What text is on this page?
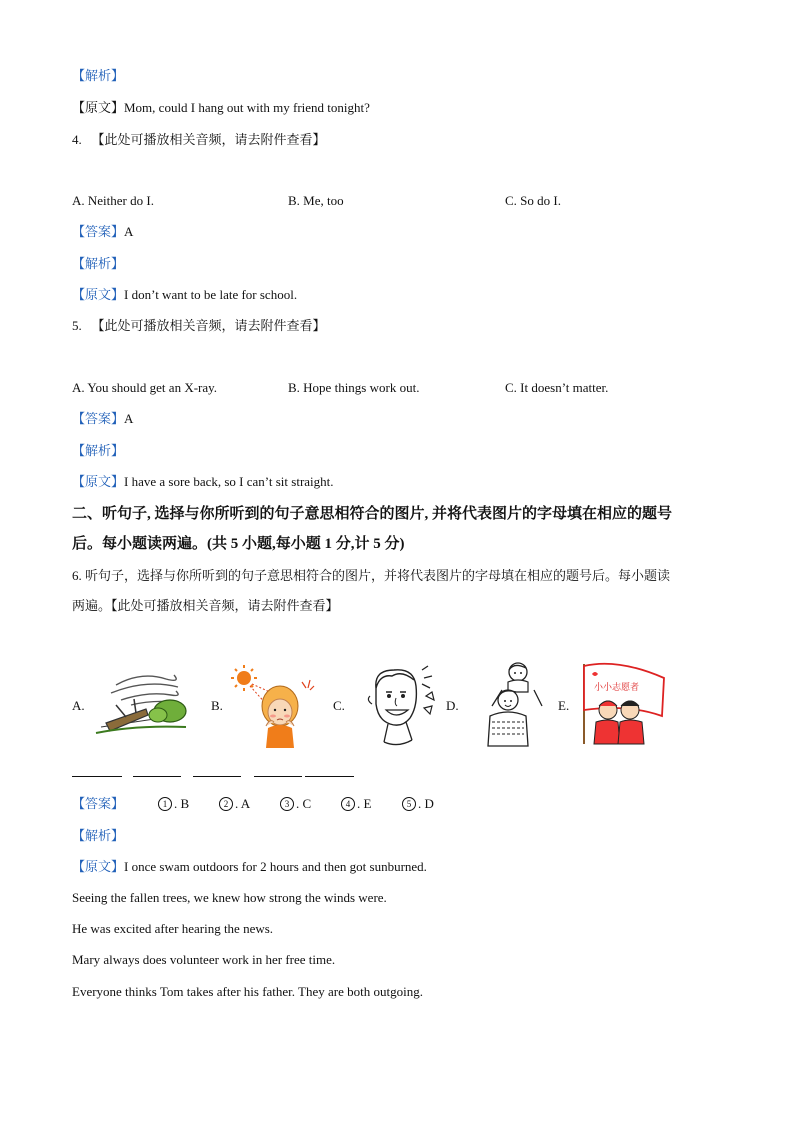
【解析】
【原文】Mom, could I hang out with my friend tonight?
4. 【此处可播放相关音频，请去附件查看】
A. Neither do I.	B. Me, too	C. So do I.
【答案】A
【解析】
【原文】I don’t want to be late for school.
5. 【此处可播放相关音频，请去附件查看】
A. You should get an X-ray.	B. Hope things work out.	C. It doesn’t matter.
【答案】A
【解析】
【原文】I have a sore back, so I can’t sit straight.
二、听句子, 选择与你所听到的句子意思相符合的图片, 并将代表图片的字母填在相应的题号
后。每小题读两遍。(共 5 小题,每小题 1 分,计 5 分)
6. 听句子，选择与你所听到的句子意思相符合的图片，并将代表图片的字母填在相应的题号后。每小题读
两遍。【此处可播放相关音频，请去附件查看】
A.	B.	C.	D.	E.
小小志愿者
【答案】	1 . B	2 . A	3 . C	4 . E	5 . D
【解析】
【原文】I once swam outdoors for 2 hours and then got sunburned.
Seeing the fallen trees, we knew how strong the winds were.
He was excited after hearing the news.
Mary always does volunteer work in her free time.
Everyone thinks Tom takes after his father. They are both outgoing.
